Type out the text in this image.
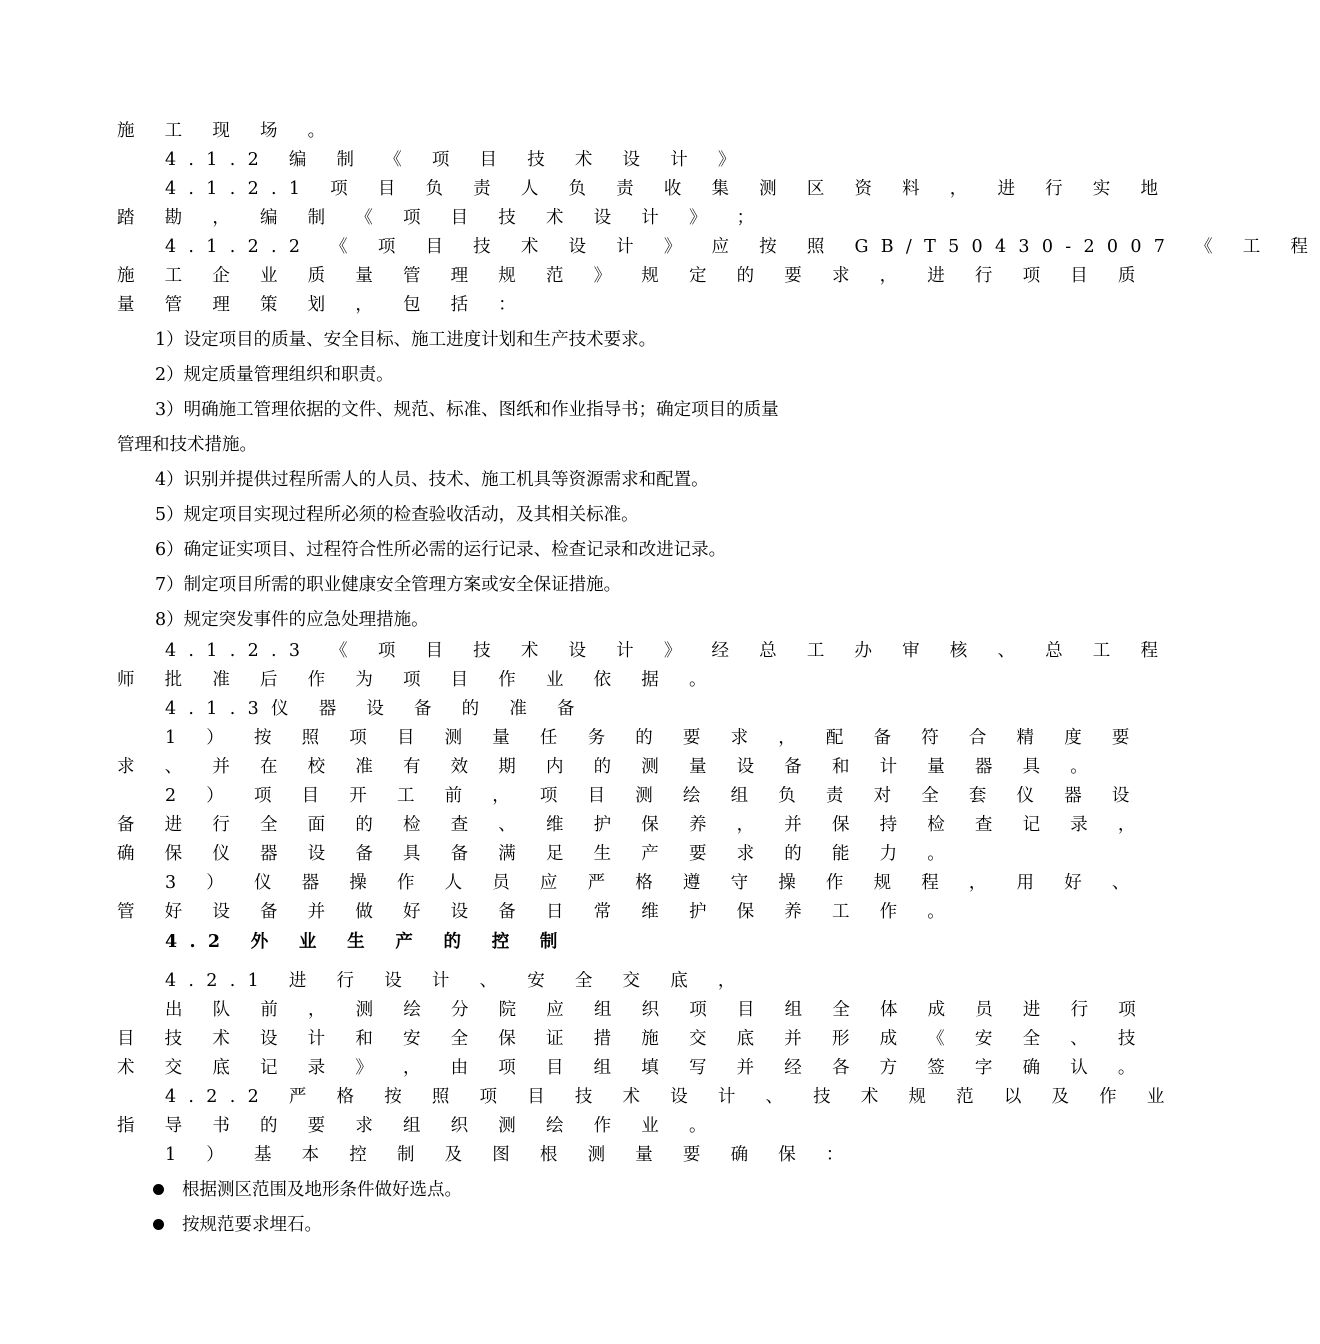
施 工 现 场 。
4.1.2 编 制 《 项 目 技 术 设 计 》
4.1.2.1 项 目 负 责 人 负 责 收 集 测 区 资 料 ， 进 行 实 地
踏 勘 ， 编 制 《 项 目 技 术 设 计 》 ；
4.1.2.2 《 项 目 技 术 设 计 》 应 按 照 GB/T50430-2007 《 工 程
施 工 企 业 质 量 管 理 规 范 》 规 定 的 要 求 ， 进 行 项 目 质
量 管 理 策 划 ， 包 括 ：
1）设定项目的质量、安全目标、施工进度计划和生产技术要求。
2）规定质量管理组织和职责。
3）明确施工管理依据的文件、规范、标准、图纸和作业指导书；确定项目的质量
管理和技术措施。
4）识别并提供过程所需人的人员、技术、施工机具等资源需求和配置。
5）规定项目实现过程所必须的检查验收活动，及其相关标准。
6）确定证实项目、过程符合性所必需的运行记录、检查记录和改进记录。
7）制定项目所需的职业健康安全管理方案或安全保证措施。
8）规定突发事件的应急处理措施。
4.1.2.3 《 项 目 技 术 设 计 》 经 总 工 办 审 核 、 总 工 程
师 批 准 后 作 为 项 目 作 业 依 据 。
4.1.3仪 器 设 备 的 准 备
1 ） 按 照 项 目 测 量 任 务 的 要 求 ， 配 备 符 合 精 度 要
求 、 并 在 校 准 有 效 期 内 的 测 量 设 备 和 计 量 器 具 。
2 ） 项 目 开 工 前 ， 项 目 测 绘 组 负 责 对 全 套 仪 器 设
备 进 行 全 面 的 检 查 、 维 护 保 养 ， 并 保 持 检 查 记 录 ，
确 保 仪 器 设 备 具 备 满 足 生 产 要 求 的 能 力 。
3 ） 仪 器 操 作 人 员 应 严 格 遵 守 操 作 规 程 ， 用 好 、
管 好 设 备 并 做 好 设 备 日 常 维 护 保 养 工 作 。
4.2 外 业 生 产 的 控 制
4.2.1 进 行 设 计 、 安 全 交 底 ，
出 队 前 ， 测 绘 分 院 应 组 织 项 目 组 全 体 成 员 进 行 项
目 技 术 设 计 和 安 全 保 证 措 施 交 底 并 形 成 《 安 全 、 技
术 交 底 记 录 》 ， 由 项 目 组 填 写 并 经 各 方 签 字 确 认 。
4.2.2 严 格 按 照 项 目 技 术 设 计 、 技 术 规 范 以 及 作 业
指 导 书 的 要 求 组 织 测 绘 作 业 。
1 ） 基 本 控 制 及 图 根 测 量 要 确 保 ：
根据测区范围及地形条件做好选点。
按规范要求埋石。
